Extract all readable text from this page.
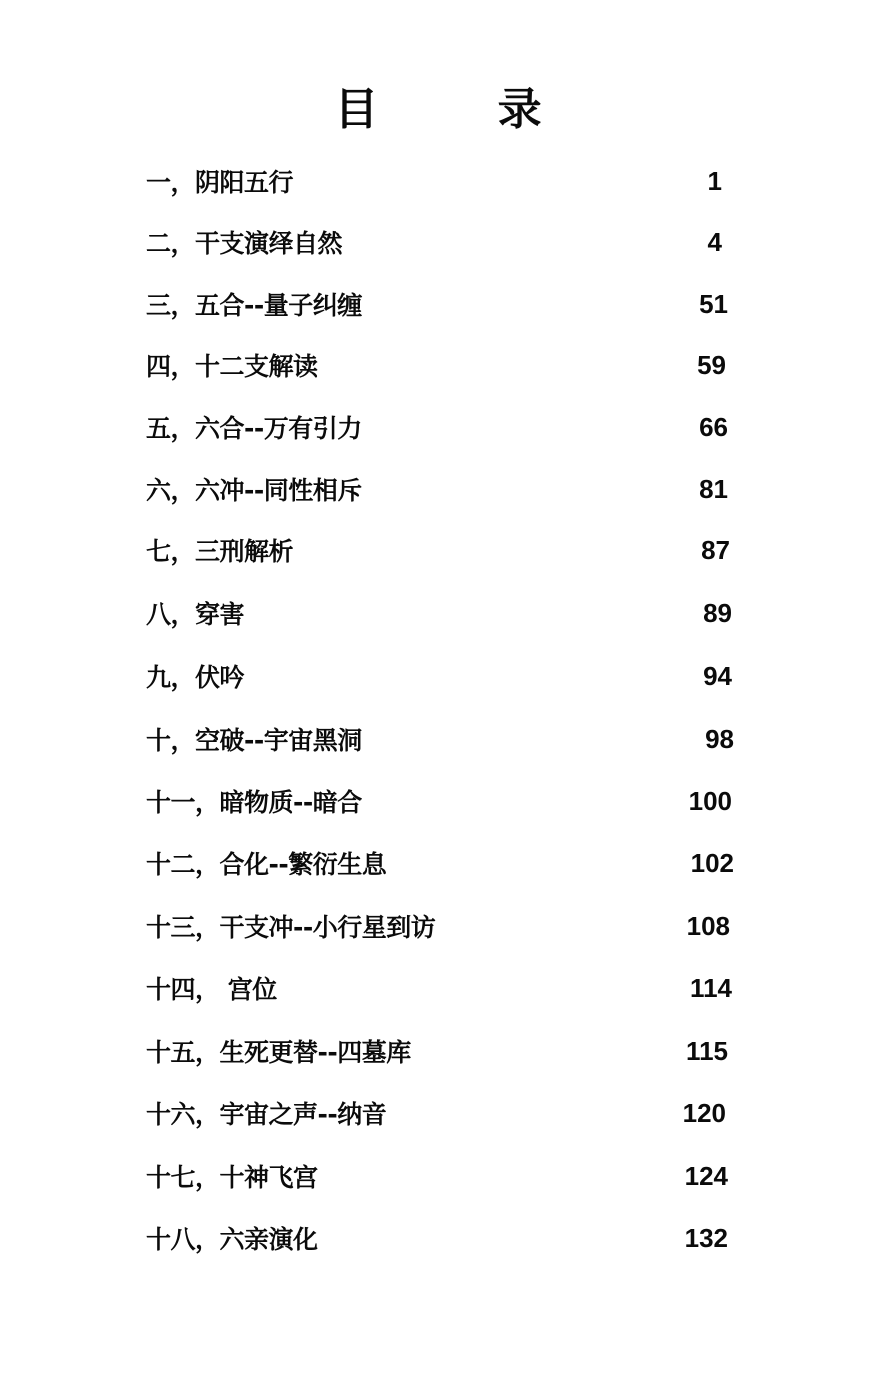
目 录
一，阴阳五行	1
二，干支演绎自然	4
三，五合--量子纠缠	51
四，十二支解读	59
五，六合--万有引力	66
六，六冲--同性相斥	81
七，三刑解析	87
八，穿害	89
九，伏吟	94
十，空破--宇宙黑洞	98
十一，暗物质--暗合	100
十二，合化--繁衍生息	102
十三，干支冲--小行星到访	108
十四， 宫位	114
十五，生死更替--四墓库	115
十六，宇宙之声--纳音	120
十七，十神飞宫	124
十八，六亲演化	132
